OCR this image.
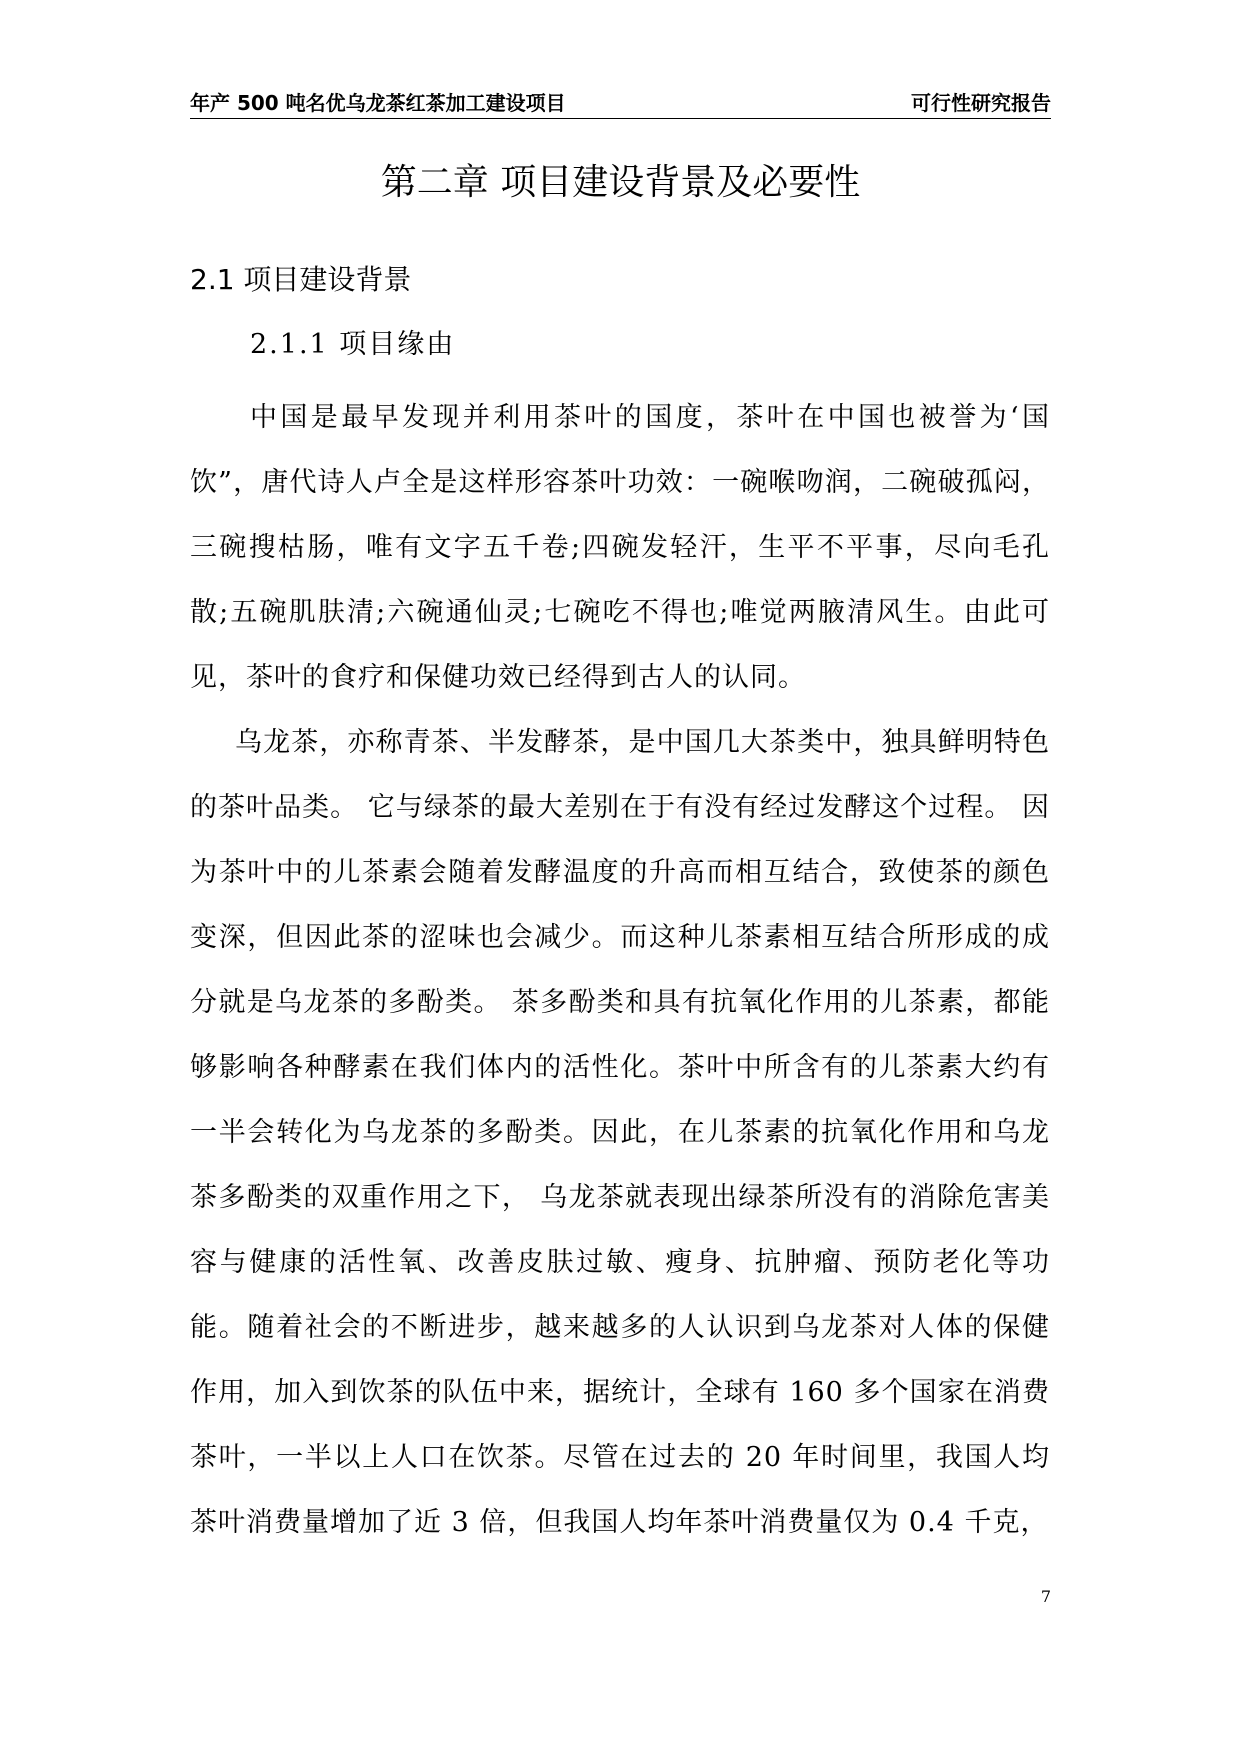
年产 500 吨名优乌龙茶红茶加工建设项目	可行性研究报告
第二章 项目建设背景及必要性
2.1 项目建设背景
2.1.1 项目缘由

中国是最早发现并利用茶叶的国度，茶叶在中国也被誉为‘国饮”，唐代诗人卢全是这样形容茶叶功效：一碗喉吻润，二碗破孤闷，三碗搜枯肠，唯有文字五千卷;四碗发轻汗，生平不平事，尽向毛孔散;五碗肌肤清;六碗通仙灵;七碗吃不得也;唯觉两腋清风生。由此可见，茶叶的食疗和保健功效已经得到古人的认同。

乌龙茶，亦称青茶、半发酵茶，是中国几大茶类中，独具鲜明特色的茶叶品类。 它与绿茶的最大差别在于有没有经过发酵这个过程。 因为茶叶中的儿茶素会随着发酵温度的升高而相互结合，致使茶的颜色变深，但因此茶的涩味也会减少。而这种儿茶素相互结合所形成的成分就是乌龙茶的多酚类。 茶多酚类和具有抗氧化作用的儿茶素，都能够影响各种酵素在我们体内的活性化。茶叶中所含有的儿茶素大约有一半会转化为乌龙茶的多酚类。因此，在儿茶素的抗氧化作用和乌龙茶多酚类的双重作用之下， 乌龙茶就表现出绿茶所没有的消除危害美容与健康的活性氧、改善皮肤过敏、瘦身、抗肿瘤、预防老化等功能。随着社会的不断进步，越来越多的人认识到乌龙茶对人体的保健作用，加入到饮茶的队伍中来，据统计，全球有 160 多个国家在消费茶叶，一半以上人口在饮茶。尽管在过去的 20 年时间里，我国人均茶叶消费量增加了近 3 倍，但我国人均年茶叶消费量仅为 0.4 千克，

7
